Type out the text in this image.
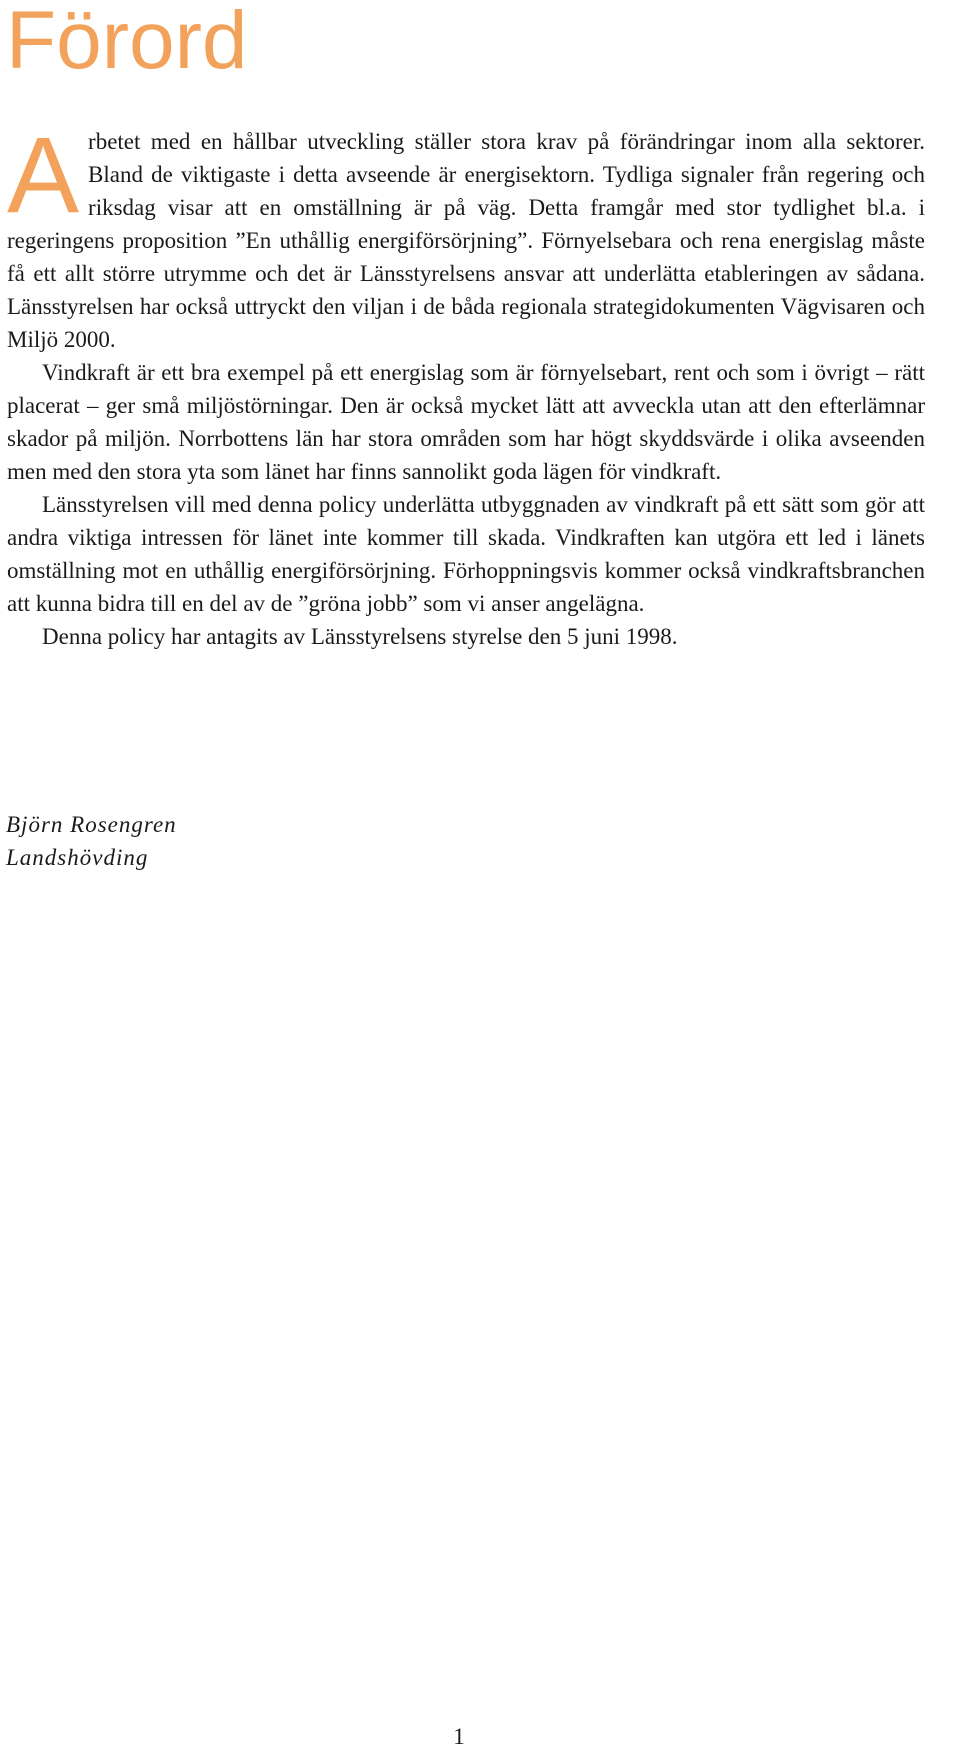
Förord

Arbetet med en hållbar utveckling ställer stora krav på förändringar inom alla sektorer. Bland de viktigaste i detta avseende är energisektorn. Tydliga signaler från regering och riksdag visar att en omställning är på väg. Detta framgår med stor tydlighet bl.a. i regeringens proposition ”En uthållig energiförsörjning”. Förnyelsebara och rena energislag måste få ett allt större utrymme och det är Länsstyrelsens ansvar att underlätta etableringen av sådana. Länsstyrelsen har också uttryckt den viljan i de båda regionala strategidokumenten Vägvisaren och Miljö 2000.

Vindkraft är ett bra exempel på ett energislag som är förnyelsebart, rent och som i övrigt – rätt placerat – ger små miljöstörningar. Den är också mycket lätt att avveckla utan att den efterlämnar skador på miljön. Norrbottens län har stora områden som har högt skyddsvärde i olika avseenden men med den stora yta som länet har finns sannolikt goda lägen för vindkraft.

Länsstyrelsen vill med denna policy underlätta utbyggnaden av vindkraft på ett sätt som gör att andra viktiga intressen för länet inte kommer till skada. Vindkraften kan utgöra ett led i länets omställning mot en uthållig energiförsörjning. Förhoppningsvis kommer också vindkraftsbranchen att kunna bidra till en del av de ”gröna jobb” som vi anser angelägna.

Denna policy har antagits av Länsstyrelsens styrelse den 5 juni 1998.

Björn Rosengren
Landshövding
1
